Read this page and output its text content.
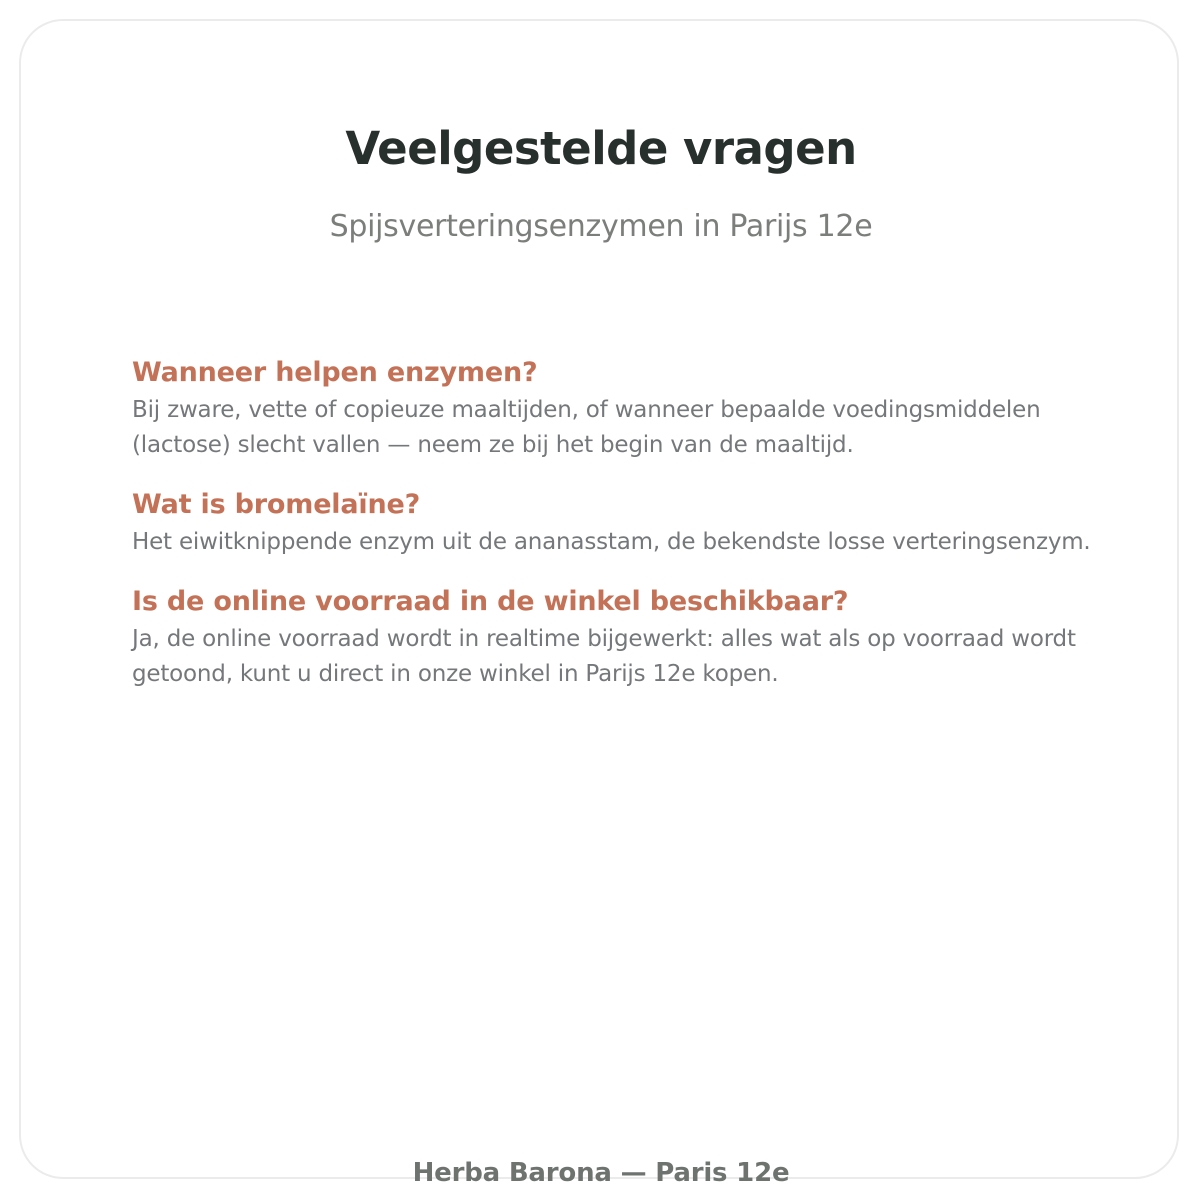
Veelgestelde vragen
Spijsverteringsenzymen in Parijs 12e
Wanneer helpen enzymen?
Bij zware, vette of copieuze maaltijden, of wanneer bepaalde voedingsmiddelen (lactose) slecht vallen — neem ze bij het begin van de maaltijd.
Wat is bromelaïne?
Het eiwitknippende enzym uit de ananasstam, de bekendste losse verteringsenzym.
Is de online voorraad in de winkel beschikbaar?
Ja, de online voorraad wordt in realtime bijgewerkt: alles wat als op voorraad wordt getoond, kunt u direct in onze winkel in Parijs 12e kopen.
Herba Barona — Paris 12e
